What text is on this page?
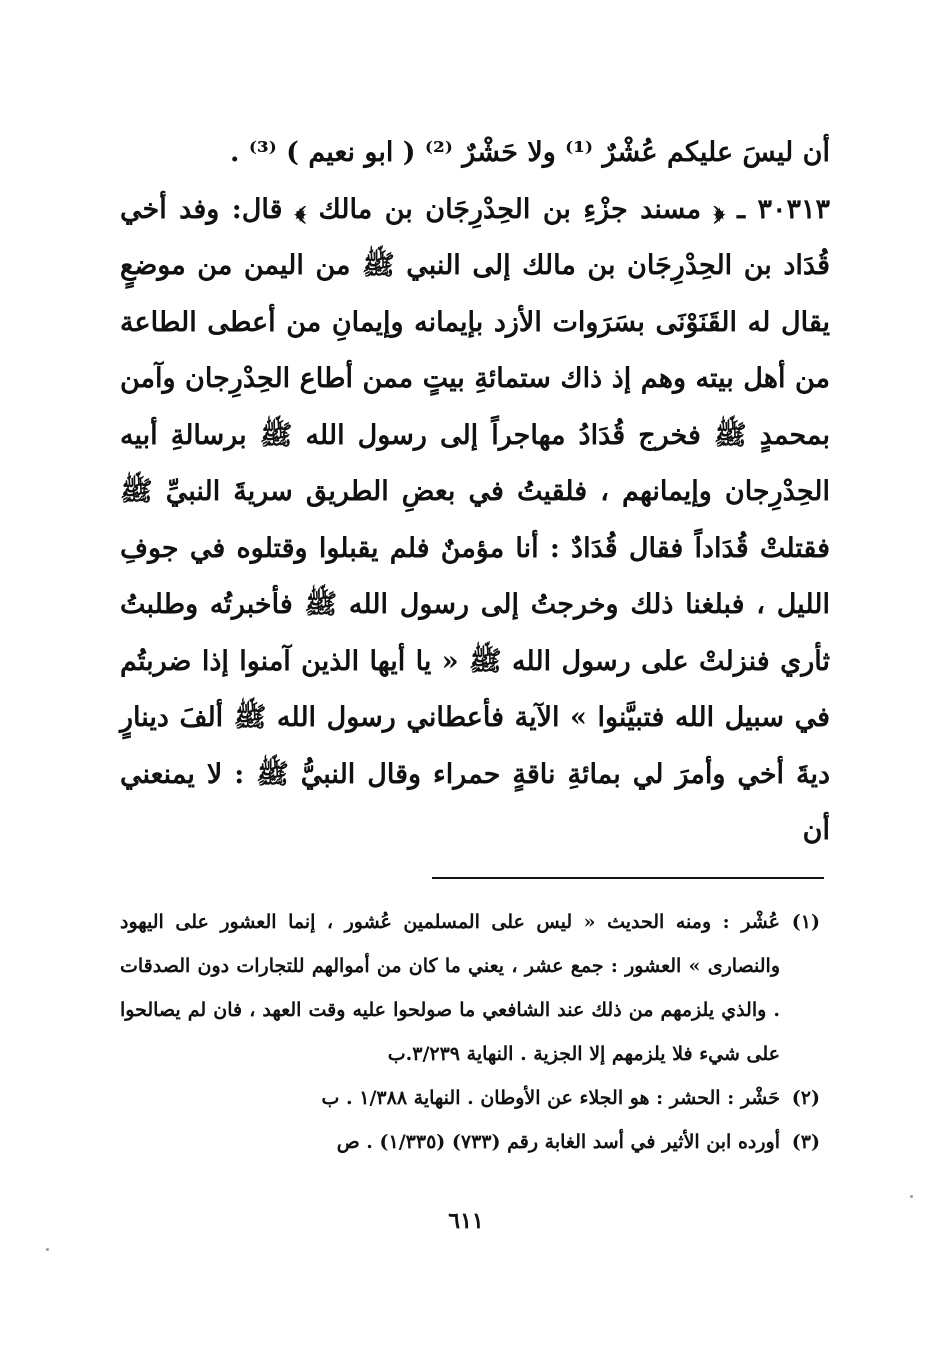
أن ليسَ عليكم عُشْرٌ ⁽¹⁾ ولا حَشْرٌ ⁽²⁾ ( ابو نعيم ) ⁽³⁾ .

٣٠٣١٣ ـ ﴿ مسند جزْءِ بن الحِدْرِجَان بن مالك ﴾ قال: وفد أخي قُدَاد بن الحِدْرِجَان بن مالك إلى النبي ﷺ من اليمن من موضعٍ يقال له القَنَوْنَى بسَرَوات الأزد بإيمانه وإيمانِ من أعطى الطاعة من أهل بيته وهم إذ ذاك ستمائةِ بيتٍ ممن أطاع الحِدْرِجان وآمن بمحمدٍ ﷺ فخرج قُدَادُ مهاجراً إلى رسول الله ﷺ برسالةِ أبيه الحِدْرِجان وإيمانهم ، فلقيتُ في بعضِ الطريق سريةَ النبيِّ ﷺ فقتلتْ قُدَاداً فقال قُدَادٌ : أنا مؤمنٌ فلم يقبلوا وقتلوه في جوفِ الليل ، فبلغنا ذلك وخرجتُ إلى رسول الله ﷺ فأخبرتُه وطلبتُ ثأري فنزلتْ على رسول الله ﷺ « يا أيها الذين آمنوا إذا ضربتُم في سبيل الله فتبيَّنوا » الآية فأعطاني رسول الله ﷺ ألفَ دينارٍ ديةَ أخي وأمرَ لي بمائةِ ناقةٍ حمراء وقال النبيُّ ﷺ : لا يمنعني أن

(١)
عُشْر : ومنه الحديث « ليس على المسلمين عُشور ، إنما العشور على اليهود والنصارى » العشور : جمع عشر ، يعني ما كان من أموالهم للتجارات دون الصدقات . والذي يلزمهم من ذلك عند الشافعي ما صولحوا عليه وقت العهد ، فان لم يصالحوا على شيء فلا يلزمهم إلا الجزية . النهاية ٣/٢٣٩.ب
(٢)
حَشْر : الحشر : هو الجلاء عن الأوطان . النهاية ١/٣٨٨ . ب
(٣)
أورده ابن الأثير في أسد الغابة رقم (٧٣٣) (١/٣٣٥) . ص
٦١١
